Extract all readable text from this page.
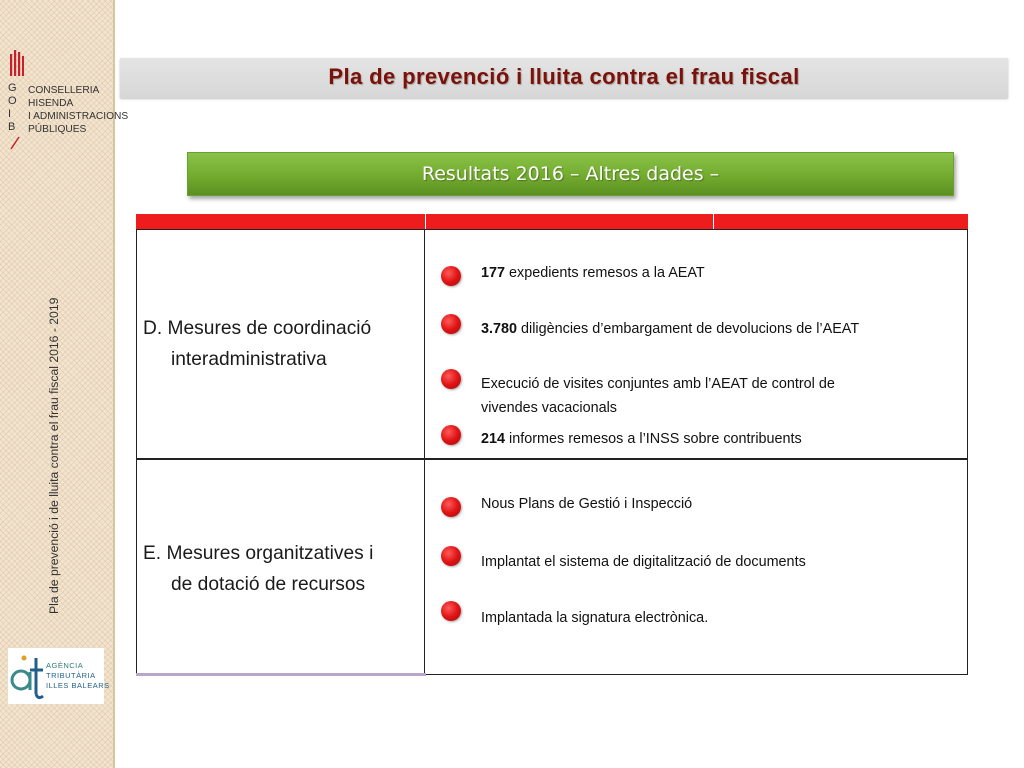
G
O
I
B
CONSELLERIA
HISENDA
I ADMINISTRACIONS
PÚBLIQUES
Pla de prevenció i de lluita contra el frau fiscal 2016 - 2019
AGÈNCIA
TRIBUTÀRIA
ILLES BALEARS
Pla de prevenció i lluita contra el frau fiscal
Resultats 2016 – Altres dades –
D. Mesures de coordinació
interadministrativa
177 expedients remesos a la AEAT
3.780 diligències d’embargament de devolucions de l’AEAT
Execució de visites conjuntes amb l’AEAT de control de
vivendes vacacionals
214 informes remesos a l’INSS sobre contribuents
E. Mesures organitzatives i
de dotació de recursos
Nous Plans de Gestió i Inspecció
Implantat el sistema de digitalització de documents
Implantada la signatura electrònica.
